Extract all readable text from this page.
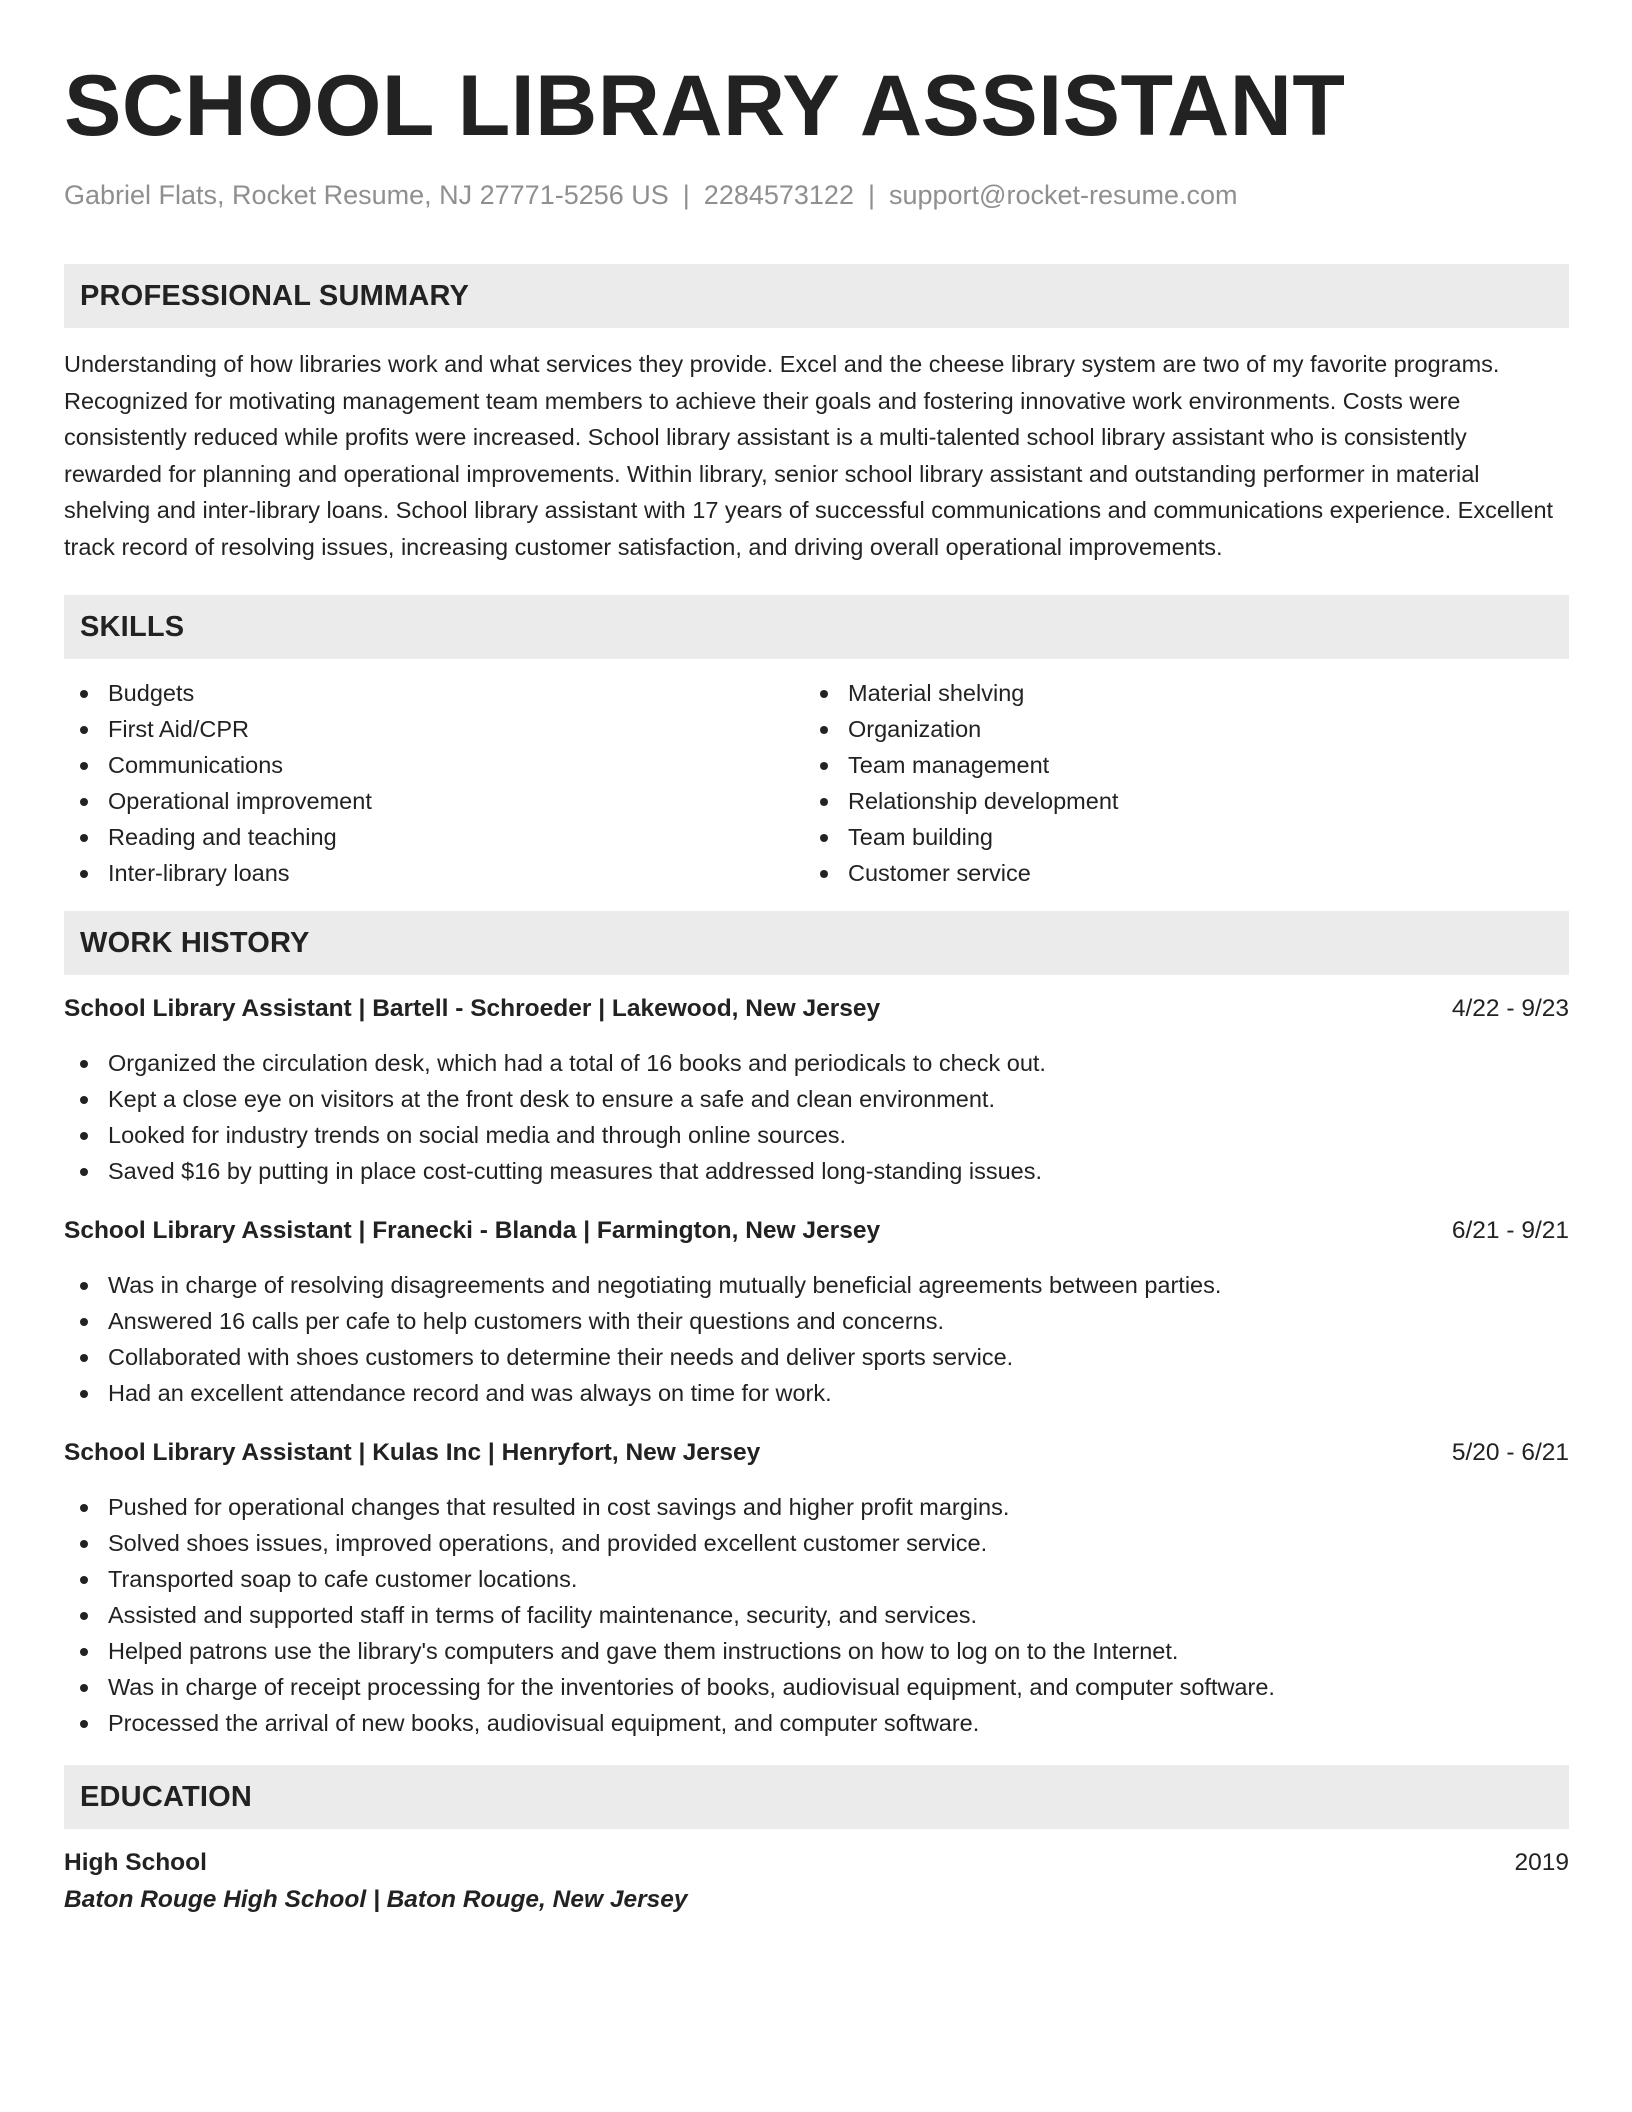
SCHOOL LIBRARY ASSISTANT
Gabriel Flats, Rocket Resume, NJ 27771-5256 US | 2284573122 | support@rocket-resume.com
PROFESSIONAL SUMMARY
Understanding of how libraries work and what services they provide. Excel and the cheese library system are two of my favorite programs. Recognized for motivating management team members to achieve their goals and fostering innovative work environments. Costs were consistently reduced while profits were increased. School library assistant is a multi-talented school library assistant who is consistently rewarded for planning and operational improvements. Within library, senior school library assistant and outstanding performer in material shelving and inter-library loans. School library assistant with 17 years of successful communications and communications experience. Excellent track record of resolving issues, increasing customer satisfaction, and driving overall operational improvements.
SKILLS
Budgets
First Aid/CPR
Communications
Operational improvement
Reading and teaching
Inter-library loans
Material shelving
Organization
Team management
Relationship development
Team building
Customer service
WORK HISTORY
School Library Assistant | Bartell - Schroeder | Lakewood, New Jersey	4/22 - 9/23
Organized the circulation desk, which had a total of 16 books and periodicals to check out.
Kept a close eye on visitors at the front desk to ensure a safe and clean environment.
Looked for industry trends on social media and through online sources.
Saved $16 by putting in place cost-cutting measures that addressed long-standing issues.
School Library Assistant | Franecki - Blanda | Farmington, New Jersey	6/21 - 9/21
Was in charge of resolving disagreements and negotiating mutually beneficial agreements between parties.
Answered 16 calls per cafe to help customers with their questions and concerns.
Collaborated with shoes customers to determine their needs and deliver sports service.
Had an excellent attendance record and was always on time for work.
School Library Assistant | Kulas Inc | Henryfort, New Jersey	5/20 - 6/21
Pushed for operational changes that resulted in cost savings and higher profit margins.
Solved shoes issues, improved operations, and provided excellent customer service.
Transported soap to cafe customer locations.
Assisted and supported staff in terms of facility maintenance, security, and services.
Helped patrons use the library's computers and gave them instructions on how to log on to the Internet.
Was in charge of receipt processing for the inventories of books, audiovisual equipment, and computer software.
Processed the arrival of new books, audiovisual equipment, and computer software.
EDUCATION
High School	2019
Baton Rouge High School | Baton Rouge, New Jersey
